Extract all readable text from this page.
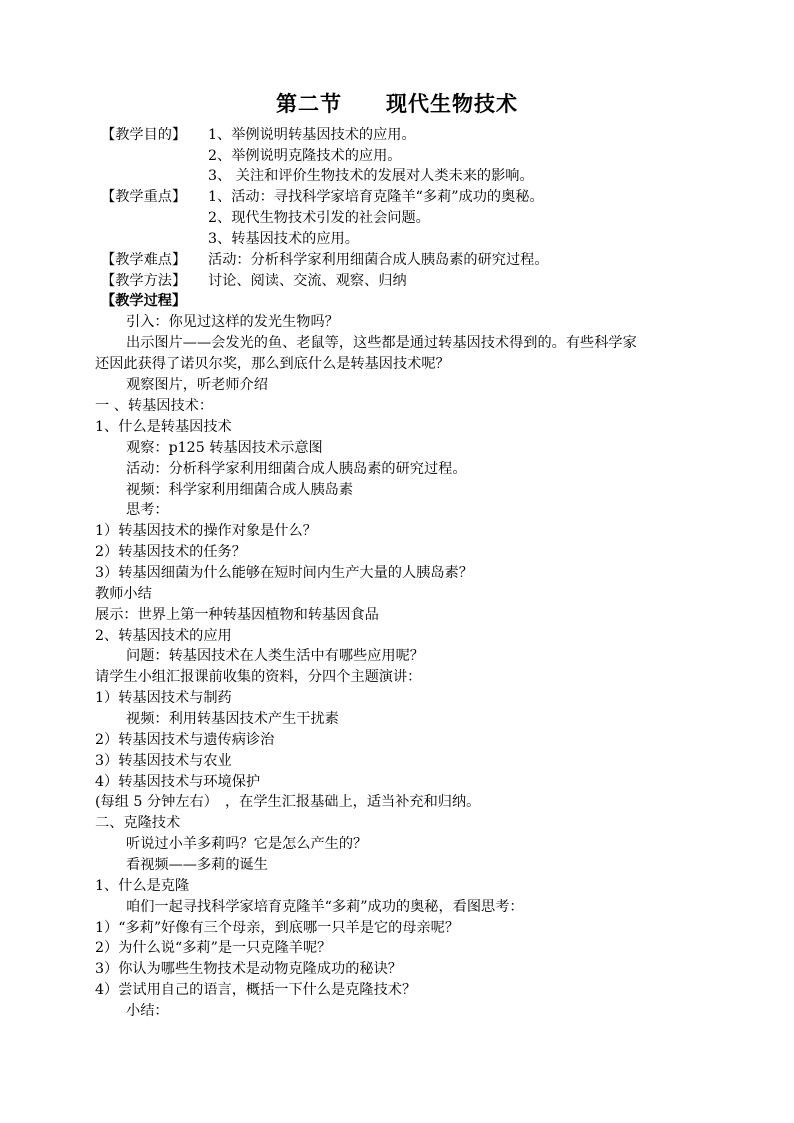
第二节　　现代生物技术
【教学目的】 1、举例说明转基因技术的应用。
2、举例说明克隆技术的应用。
3、 关注和评价生物技术的发展对人类未来的影响。
【教学重点】 1、活动：寻找科学家培育克隆羊“多莉”成功的奥秘。
2、现代生物技术引发的社会问题。
3、转基因技术的应用。
【教学难点】 活动：分析科学家利用细菌合成人胰岛素的研究过程。
【教学方法】 讨论、阅读、交流、观察、归纳
【教学过程】
引入：你见过这样的发光生物吗？
出示图片——会发光的鱼、老鼠等，这些都是通过转基因技术得到的。有些科学家
还因此获得了诺贝尔奖，那么到底什么是转基因技术呢？
观察图片，听老师介绍
一 、转基因技术：
1、什么是转基因技术
观察：p125 转基因技术示意图
活动：分析科学家利用细菌合成人胰岛素的研究过程。
视频：科学家利用细菌合成人胰岛素
思考：
1）转基因技术的操作对象是什么？
2）转基因技术的任务？
3）转基因细菌为什么能够在短时间内生产大量的人胰岛素？
教师小结
展示：世界上第一种转基因植物和转基因食品
2、转基因技术的应用
问题：转基因技术在人类生活中有哪些应用呢？
请学生小组汇报课前收集的资料，分四个主题演讲：
1）转基因技术与制药
视频：利用转基因技术产生干扰素
2）转基因技术与遗传病诊治
3）转基因技术与农业
4）转基因技术与环境保护
(每组 5 分钟左右）　，在学生汇报基础上，适当补充和归纳。
二、克隆技术
听说过小羊多莉吗？它是怎么产生的？
看视频——多莉的诞生
1、什么是克隆
咱们一起寻找科学家培育克隆羊“多莉”成功的奥秘，看图思考：
1）“多莉”好像有三个母亲，到底哪一只羊是它的母亲呢？
2）为什么说“多莉”是一只克隆羊呢？
3）你认为哪些生物技术是动物克隆成功的秘诀？
4）尝试用自己的语言，概括一下什么是克隆技术？
小结：
